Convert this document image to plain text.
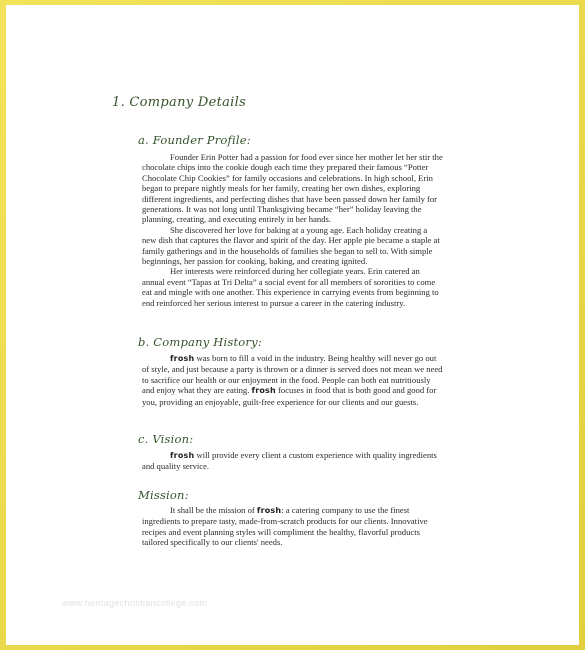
1. Company Details
a. Founder Profile:

Founder Erin Potter had a passion for food ever since her mother let her stir the chocolate chips into the cookie dough each time they prepared their famous “Potter Chocolate Chip Cookies” for family occasions and celebrations. In high school, Erin began to prepare nightly meals for her family, creating her own dishes, exploring different ingredients, and perfecting dishes that have been passed down her family for generations. It was not long until Thanksgiving became “her” holiday leaving the planning, creating, and executing entirely in her hands.

She discovered her love for baking at a young age. Each holiday creating a new dish that captures the flavor and spirit of the day. Her apple pie became a staple at family gatherings and in the households of families she began to sell to. With simple beginnings, her passion for cooking, baking, and creating ignited.

Her interests were reinforced during her collegiate years. Erin catered an annual event “Tapas at Tri Delta” a social event for all members of sororities to come eat and mingle with one another. This experience in carrying events from beginning to end reinforced her serious interest to pursue a career in the catering industry.

b. Company History:

frosh was born to fill a void in the industry. Being healthy will never go out of style, and just because a party is thrown or a dinner is served does not mean we need to sacrifice our health or our enjoyment in the food. People can both eat nutritiously and enjoy what they are eating. frosh focuses in food that is both good and good for you, providing an enjoyable, guilt-free experience for our clients and our guests.

c. Vision:

frosh will provide every client a custom experience with quality ingredients and quality service.

Mission:

It shall be the mission of frosh: a catering company to use the finest ingredients to prepare tasty, made-from-scratch products for our clients. Innovative recipes and event planning styles will compliment the healthy, flavorful products tailored specifically to our clients' needs.

www.heritagechristiancollege.com
